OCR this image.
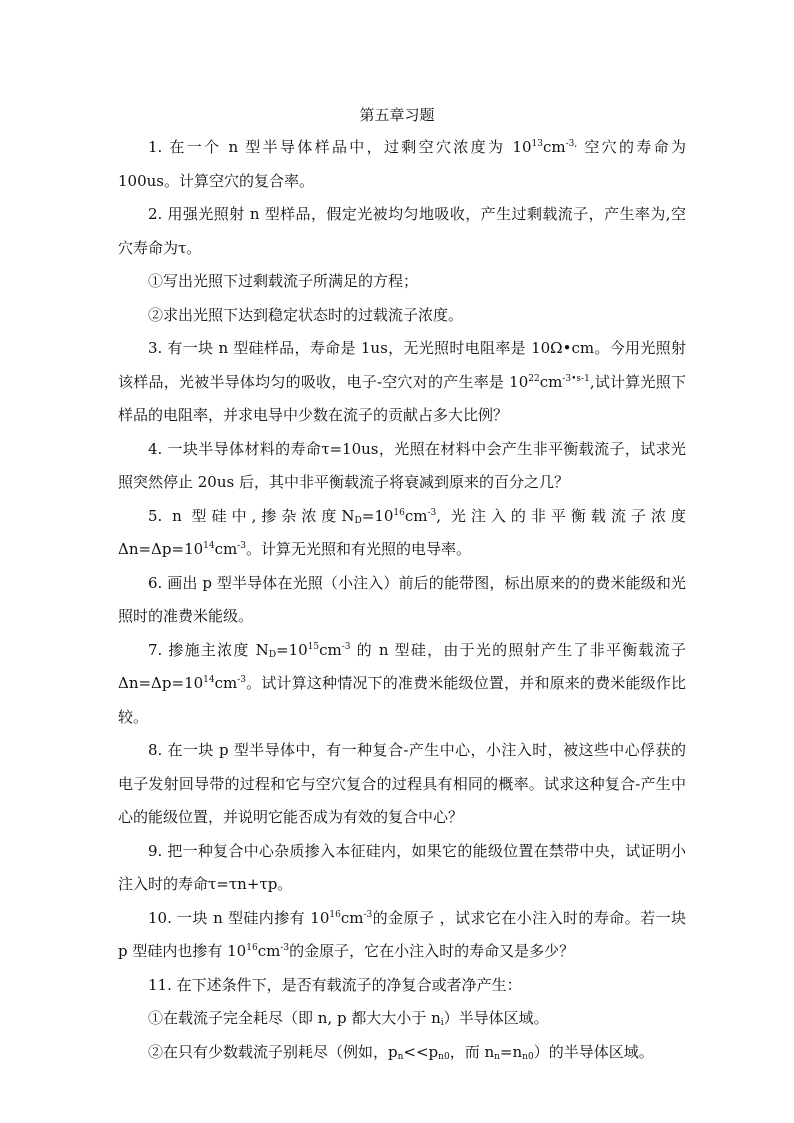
第五章习题

1. 在一个 n 型半导体样品中，过剩空穴浓度为 $10^{13}cm^{-3,}$ 空穴的寿命为 100us。计算空穴的复合率。

2. 用强光照射 n 型样品，假定光被均匀地吸收，产生过剩载流子，产生率为,空穴寿命为τ。

①写出光照下过剩载流子所满足的方程；

②求出光照下达到稳定状态时的过载流子浓度。

3. 有一块 n 型硅样品，寿命是 1us，无光照时电阻率是 10Ω•cm。今用光照射该样品，光被半导体均匀的吸收，电子-空穴对的产生率是 $10^{22}cm^{-3•s-1}$,试计算光照下样品的电阻率，并求电导中少数在流子的贡献占多大比例？

4. 一块半导体材料的寿命τ=10us，光照在材料中会产生非平衡载流子，试求光照突然停止 20us 后，其中非平衡载流子将衰减到原来的百分之几？

5. n 型硅中,掺杂浓度$N_D=10^{16}cm^{-3}$, 光注入的非平衡载流子浓度$\Delta n=\Delta p=10^{14}cm^{-3}$。计算无光照和有光照的电导率。

6. 画出 p 型半导体在光照（小注入）前后的能带图，标出原来的的费米能级和光照时的准费米能级。

7. 掺施主浓度 $N_D=10^{15}cm^{-3}$ 的 n 型硅，由于光的照射产生了非平衡载流子$\Delta n=\Delta p=10^{14}cm^{-3}$。试计算这种情况下的准费米能级位置，并和原来的费米能级作比较。

8. 在一块 p 型半导体中，有一种复合-产生中心，小注入时，被这些中心俘获的电子发射回导带的过程和它与空穴复合的过程具有相同的概率。试求这种复合-产生中心的能级位置，并说明它能否成为有效的复合中心？

9. 把一种复合中心杂质掺入本征硅内，如果它的能级位置在禁带中央，试证明小注入时的寿命τ=τn+τp。

10. 一块 n 型硅内掺有 $10^{16}cm^{-3}$的金原子 ，试求它在小注入时的寿命。若一块 p 型硅内也掺有 $10^{16}cm^{-3}$的金原子，它在小注入时的寿命又是多少？

11. 在下述条件下，是否有载流子的净复合或者净产生：

①在载流子完全耗尽（即 n, p 都大大小于 $n_i$）半导体区域。

②在只有少数载流子别耗尽（例如，$p_n<<p_{n0}$，而 $n_n=n_{n0}$）的半导体区域。
